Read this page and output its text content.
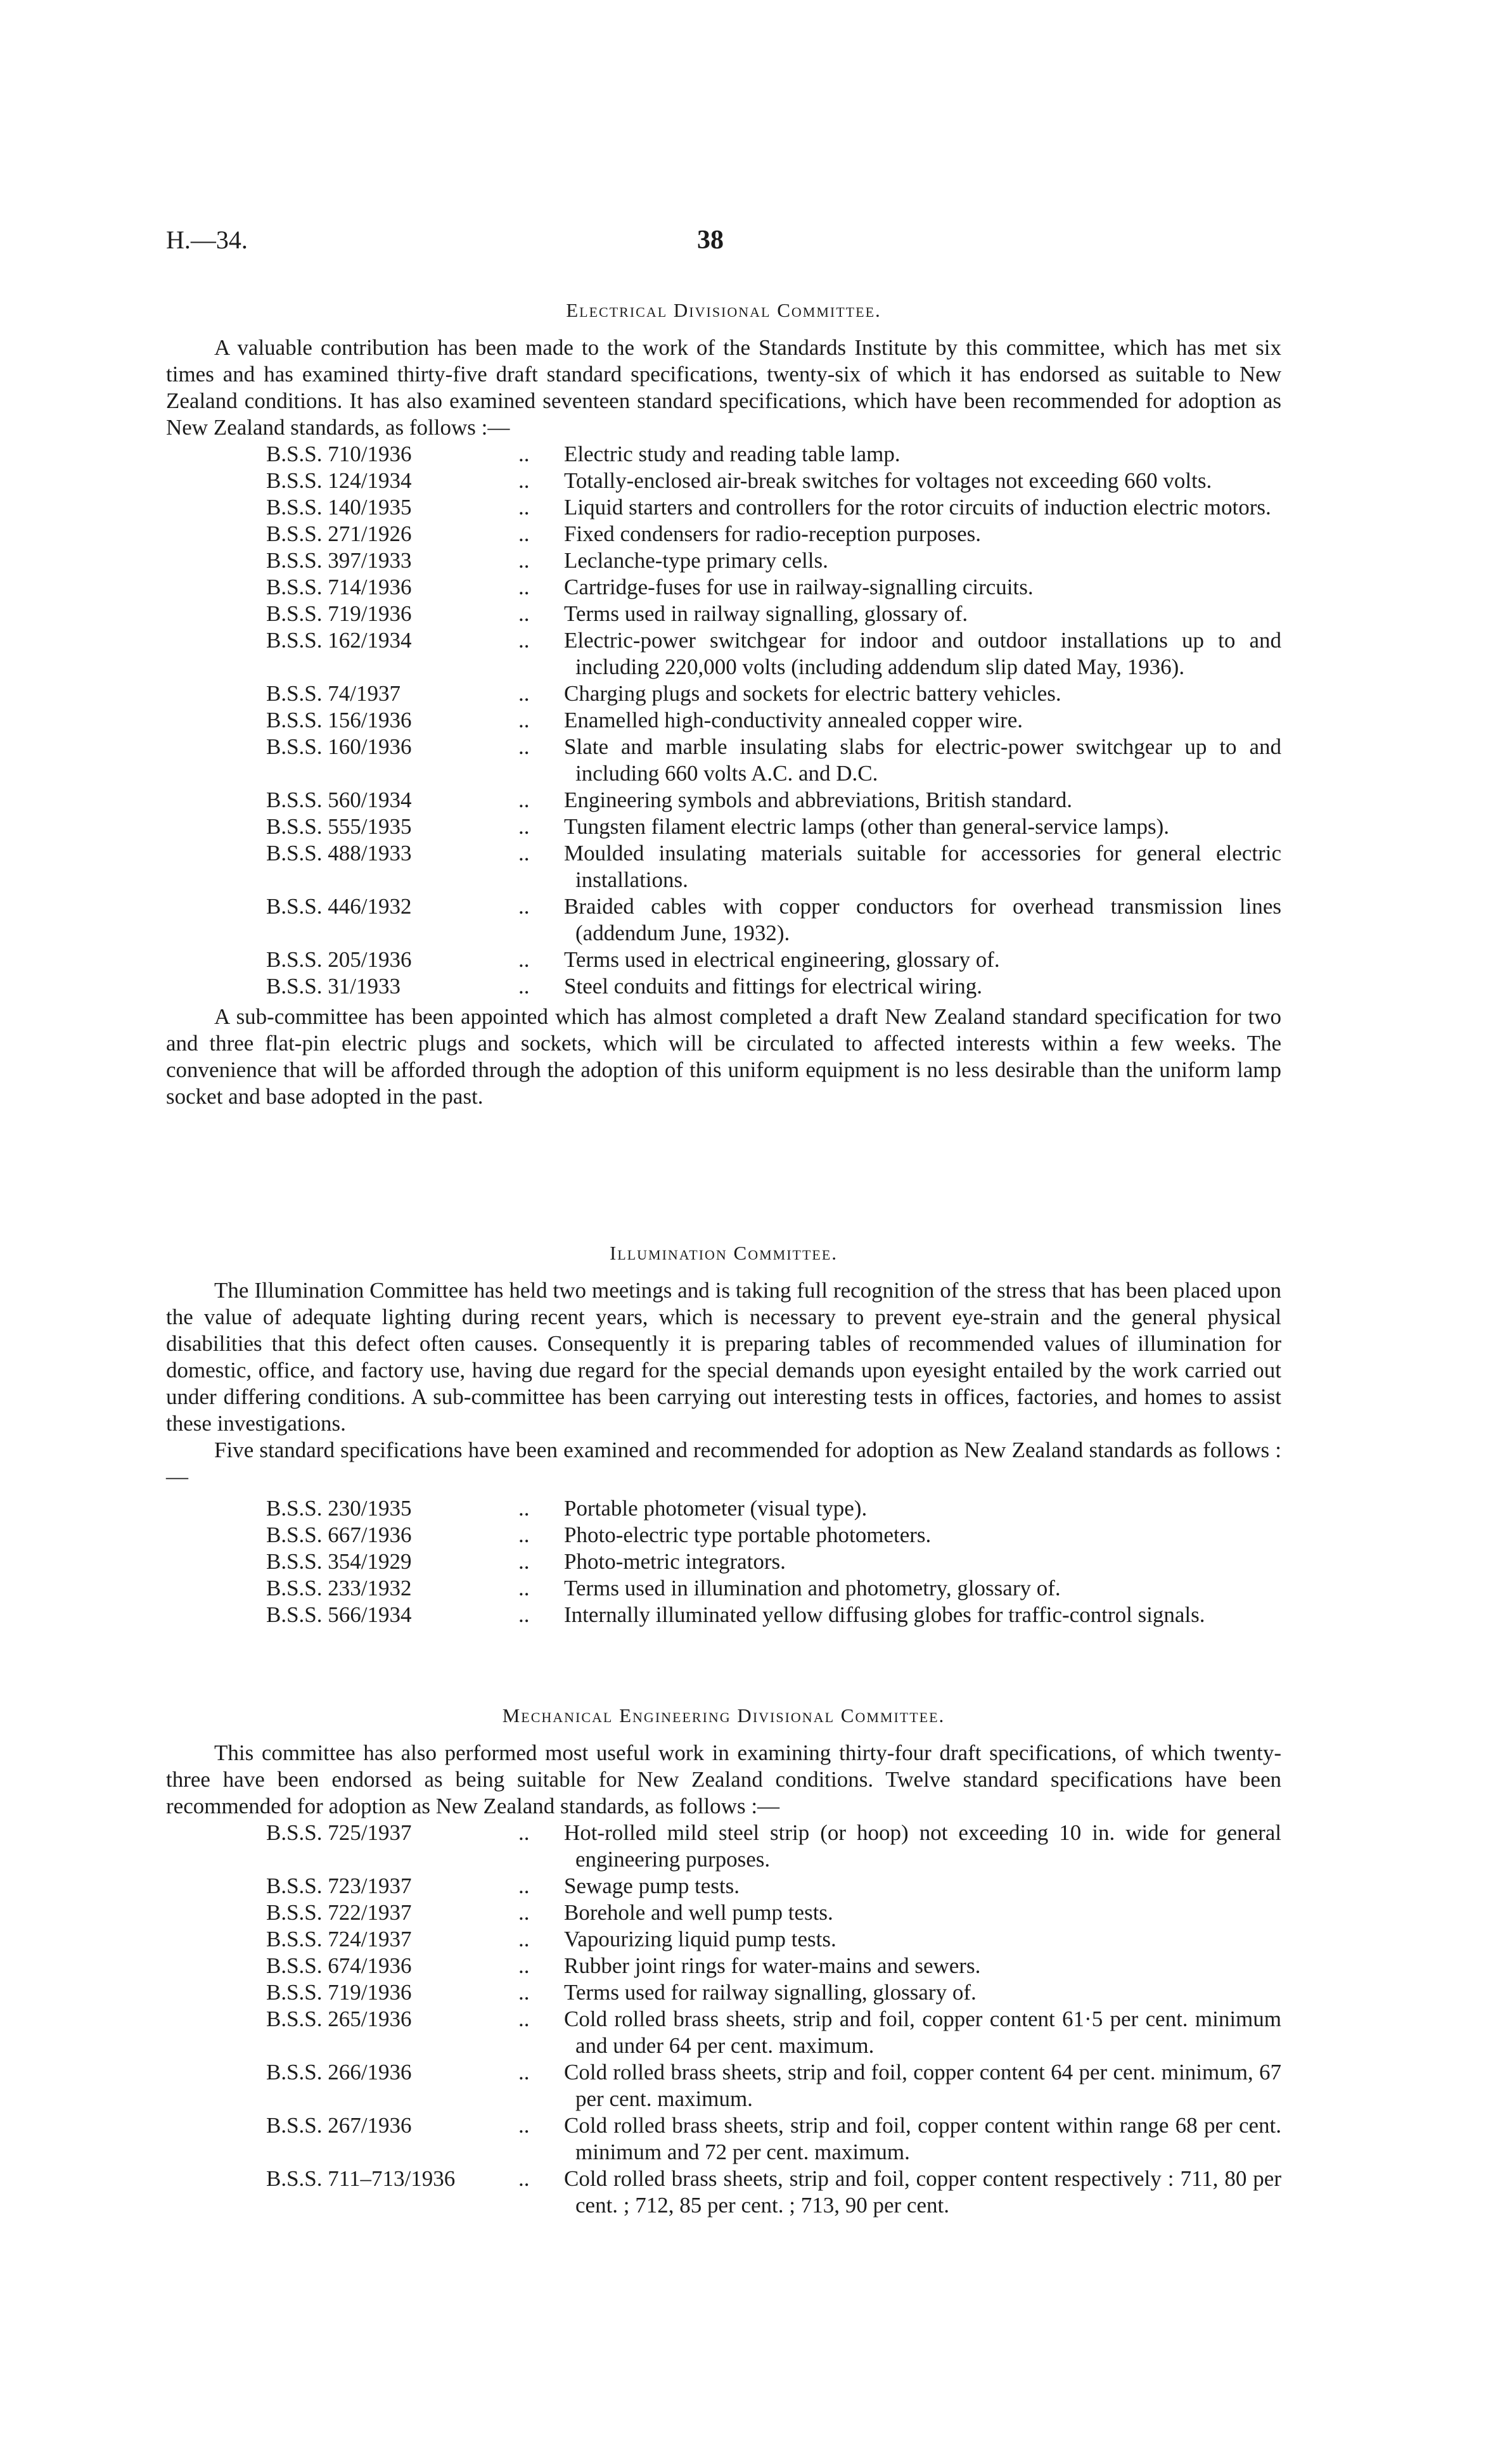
H.—34.	38
Electrical Divisional Committee.

A valuable contribution has been made to the work of the Standards Institute by this committee, which has met six times and has examined thirty-five draft standard specifications, twenty-six of which it has endorsed as suitable to New Zealand conditions. It has also examined seventeen standard specifications, which have been recommended for adoption as New Zealand standards, as follows :—

B.S.S. 710/1936	..	Electric study and reading table lamp.
B.S.S. 124/1934	..	Totally-enclosed air-break switches for voltages not exceeding 660 volts.
B.S.S. 140/1935	..	Liquid starters and controllers for the rotor circuits of induction electric motors.
B.S.S. 271/1926	..	Fixed condensers for radio-reception purposes.
B.S.S. 397/1933	..	Leclanche-type primary cells.
B.S.S. 714/1936	..	Cartridge-fuses for use in railway-signalling circuits.
B.S.S. 719/1936	..	Terms used in railway signalling, glossary of.
B.S.S. 162/1934	..	Electric-power switchgear for indoor and outdoor installations up to and including 220,000 volts (including addendum slip dated May, 1936).
B.S.S. 74/1937	..	Charging plugs and sockets for electric battery vehicles.
B.S.S. 156/1936	..	Enamelled high-conductivity annealed copper wire.
B.S.S. 160/1936	..	Slate and marble insulating slabs for electric-power switchgear up to and including 660 volts A.C. and D.C.
B.S.S. 560/1934	..	Engineering symbols and abbreviations, British standard.
B.S.S. 555/1935	..	Tungsten filament electric lamps (other than general-service lamps).
B.S.S. 488/1933	..	Moulded insulating materials suitable for accessories for general electric installations.
B.S.S. 446/1932	..	Braided cables with copper conductors for overhead transmission lines (addendum June, 1932).
B.S.S. 205/1936	..	Terms used in electrical engineering, glossary of.
B.S.S. 31/1933	..	Steel conduits and fittings for electrical wiring.

A sub-committee has been appointed which has almost completed a draft New Zealand standard specification for two and three flat-pin electric plugs and sockets, which will be circulated to affected interests within a few weeks. The convenience that will be afforded through the adoption of this uniform equipment is no less desirable than the uniform lamp socket and base adopted in the past.

Illumination Committee.

The Illumination Committee has held two meetings and is taking full recognition of the stress that has been placed upon the value of adequate lighting during recent years, which is necessary to prevent eye-strain and the general physical disabilities that this defect often causes. Consequently it is preparing tables of recommended values of illumination for domestic, office, and factory use, having due regard for the special demands upon eyesight entailed by the work carried out under differing conditions. A sub-committee has been carrying out interesting tests in offices, factories, and homes to assist these investigations.

Five standard specifications have been examined and recommended for adoption as New Zealand standards as follows :—

B.S.S. 230/1935	..	Portable photometer (visual type).
B.S.S. 667/1936	..	Photo-electric type portable photometers.
B.S.S. 354/1929	..	Photo-metric integrators.
B.S.S. 233/1932	..	Terms used in illumination and photometry, glossary of.
B.S.S. 566/1934	..	Internally illuminated yellow diffusing globes for traffic-control signals.
Mechanical Engineering Divisional Committee.

This committee has also performed most useful work in examining thirty-four draft specifications, of which twenty-three have been endorsed as being suitable for New Zealand conditions. Twelve standard specifications have been recommended for adoption as New Zealand standards, as follows :—

B.S.S. 725/1937	..	Hot-rolled mild steel strip (or hoop) not exceeding 10 in. wide for general engineering purposes.
B.S.S. 723/1937	..	Sewage pump tests.
B.S.S. 722/1937	..	Borehole and well pump tests.
B.S.S. 724/1937	..	Vapourizing liquid pump tests.
B.S.S. 674/1936	..	Rubber joint rings for water-mains and sewers.
B.S.S. 719/1936	..	Terms used for railway signalling, glossary of.
B.S.S. 265/1936	..	Cold rolled brass sheets, strip and foil, copper content 61·5 per cent. minimum and under 64 per cent. maximum.
B.S.S. 266/1936	..	Cold rolled brass sheets, strip and foil, copper content 64 per cent. minimum, 67 per cent. maximum.
B.S.S. 267/1936	..	Cold rolled brass sheets, strip and foil, copper content within range 68 per cent. minimum and 72 per cent. maximum.
B.S.S. 711–713/1936	..	Cold rolled brass sheets, strip and foil, copper content respectively : 711, 80 per cent. ; 712, 85 per cent. ; 713, 90 per cent.
